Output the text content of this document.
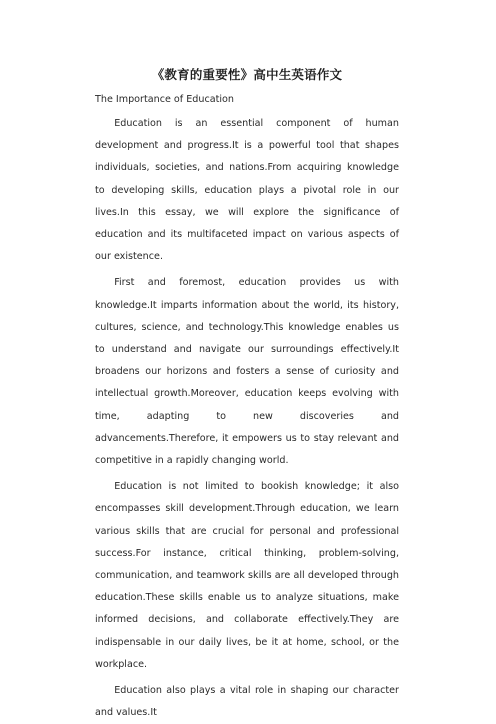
《教育的重要性》高中生英语作文

The Importance of Education

Education is an essential component of human development and progress.It is a powerful tool that shapes individuals, societies, and nations.From acquiring knowledge to developing skills, education plays a pivotal role in our lives.In this essay, we will explore the significance of education and its multifaceted impact on various aspects of our existence.

First and foremost, education provides us with knowledge.It imparts information about the world, its history, cultures, science, and technology.This knowledge enables us to understand and navigate our surroundings effectively.It broadens our horizons and fosters a sense of curiosity and intellectual growth.Moreover, education keeps evolving with time, adapting to new discoveries and advancements.Therefore, it empowers us to stay relevant and competitive in a rapidly changing world.

Education is not limited to bookish knowledge; it also encompasses skill development.Through education, we learn various skills that are crucial for personal and professional success.For instance, critical thinking, problem-solving, communication, and teamwork skills are all developed through education.These skills enable us to analyze situations, make informed decisions, and collaborate effectively.They are indispensable in our daily lives, be it at home, school, or the workplace.

Education also plays a vital role in shaping our character and values.It
